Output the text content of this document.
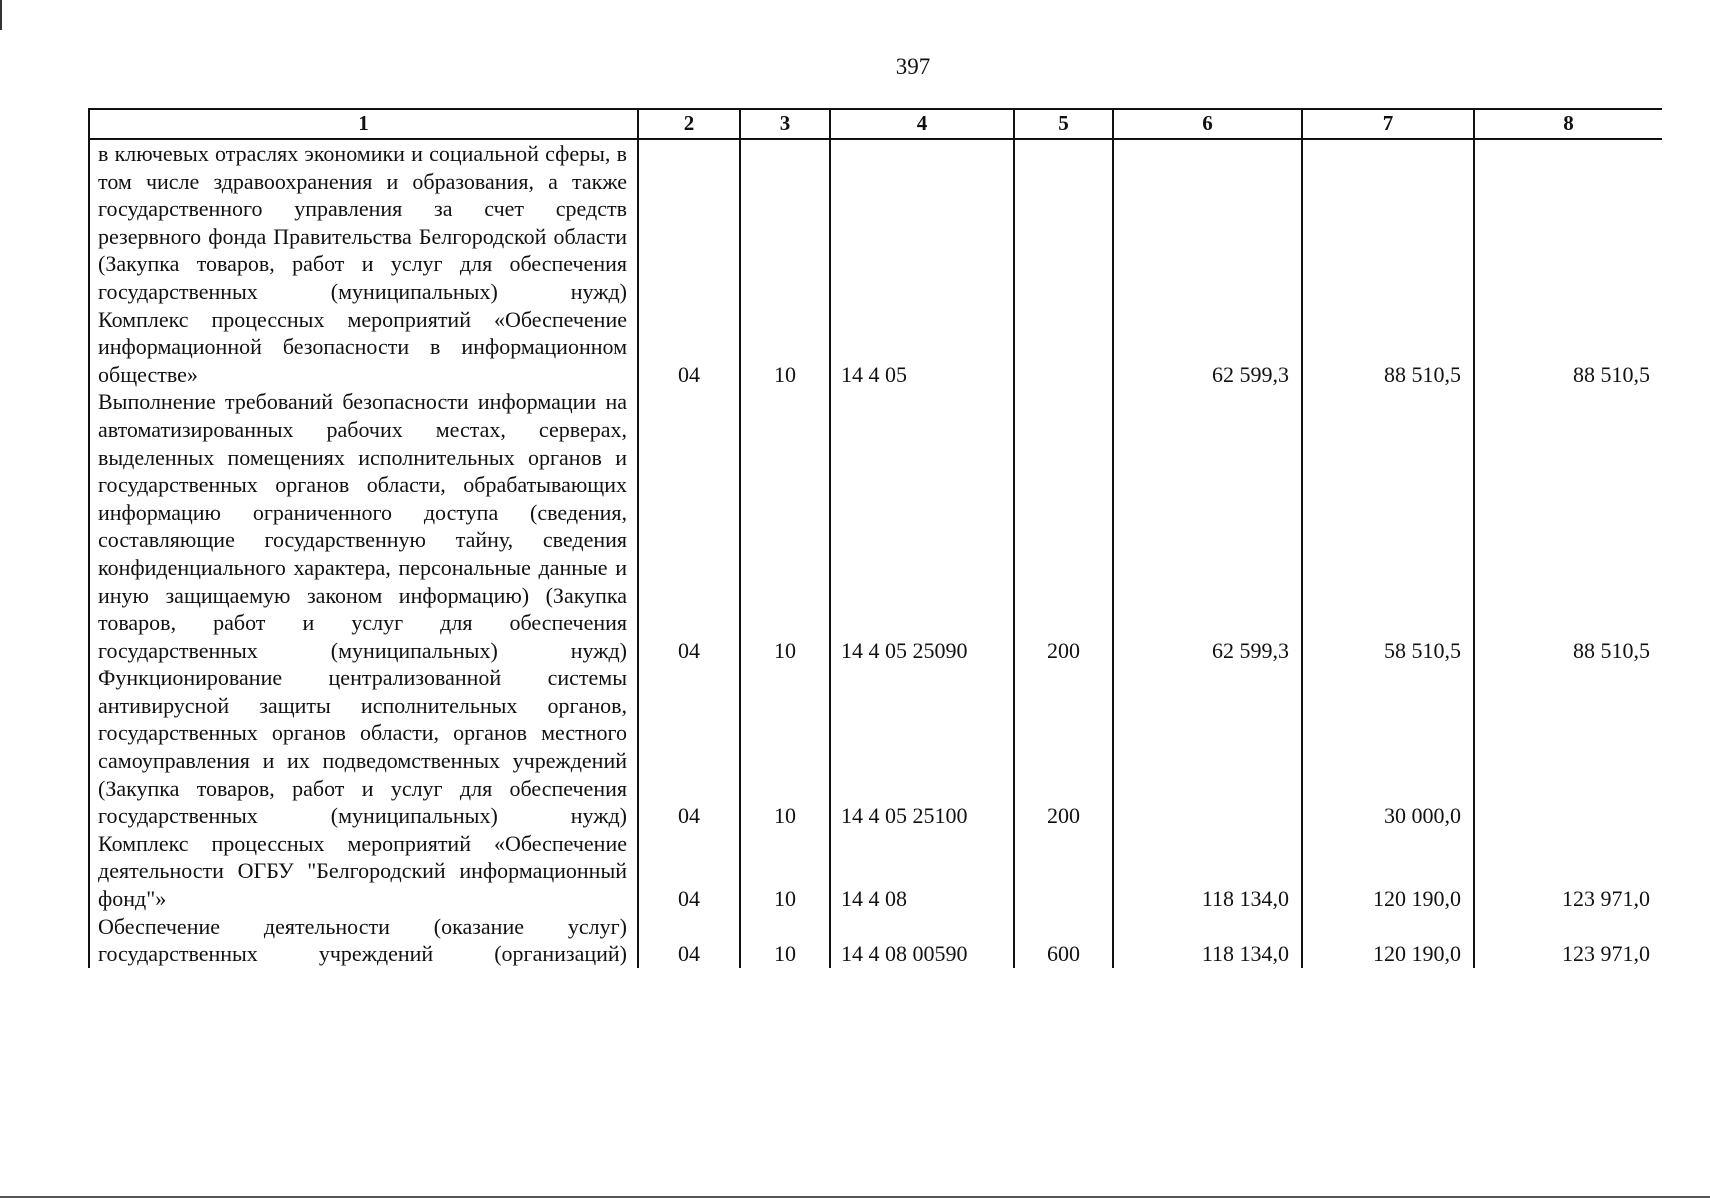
397
1	2	3	4	5	6	7	8
в ключевых отраслях экономики и социальной сферы, в том числе здравоохранения и образования, а также государственного управления за счет средств резервного фонда Правительства Белгородской области (Закупка товаров, работ и услуг для обеспечения государственных (муниципальных) нужд)							
Комплекс процессных мероприятий «Обеспечение информационной безопасности в информационном обществе»	04	10	14 4 05		62 599,3	88 510,5	88 510,5
Выполнение требований безопасности информации на автоматизированных рабочих местах, серверах, выделенных помещениях исполнительных органов и государственных органов области, обрабатывающих информацию ограниченного доступа (сведения, составляющие государственную тайну, сведения конфиденциального характера, персональные данные и иную защищаемую законом информацию) (Закупка товаров, работ и услуг для обеспечения государственных (муниципальных) нужд)	04	10	14 4 05 25090	200	62 599,3	58 510,5	88 510,5
Функционирование централизованной системы антивирусной защиты исполнительных органов, государственных органов области, органов местного самоуправления и их подведомственных учреждений (Закупка товаров, работ и услуг для обеспечения государственных (муниципальных) нужд)	04	10	14 4 05 25100	200		30 000,0	
Комплекс процессных мероприятий «Обеспечение деятельности ОГБУ "Белгородский информационный фонд"»	04	10	14 4 08		118 134,0	120 190,0	123 971,0
Обеспечение деятельности (оказание услуг) государственных учреждений (организаций)	04	10	14 4 08 00590	600	118 134,0	120 190,0	123 971,0
